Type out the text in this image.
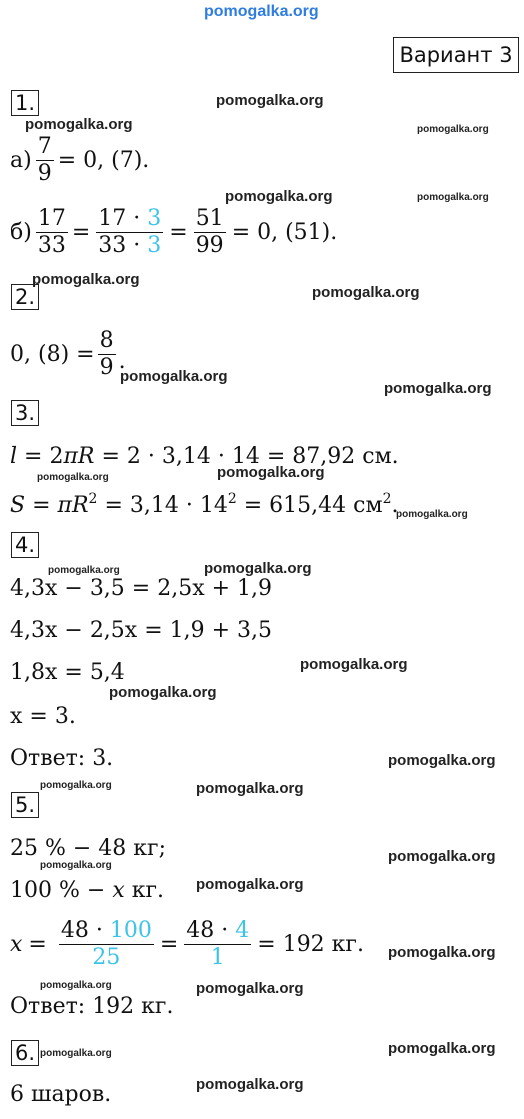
pomogalka.org
pomogalka.org
pomogalka.org	pomogalka.org
pomogalka.org	pomogalka.org
pomogalka.org
pomogalka.org
pomogalka.org
pomogalka.org
pomogalka.org
pomogalka.org
pomogalka.org
pomogalka.org
pomogalka.org
pomogalka.org
pomogalka.org
pomogalka.org
pomogalka.org	pomogalka.org
pomogalka.org
pomogalka.org
pomogalka.org
pomogalka.org
pomogalka.org	pomogalka.org
pomogalka.org
pomogalka.org
pomogalka.org
Вариант 3
1.
$а) \frac{7}{9} = 0$, (7).
$б) \frac{17}{33} = \frac{17 \cdot 3}{33 \cdot 3} = \frac{51}{99} = 0$, (51).
2.
0, $(8) = \frac{8}{9}$ .
3.
l = 2πR = 2 · 3,14 · 14 = 87,92 см.
$S = \pi R^2 = 3,14 \cdot 14^2 = 615,44$ $см^2$.
4.
4,3x − 3,5 = 2,5x + 1,9
4,3x − 2,5x = 1,9 + 3,5
1,8x = 5,4
x = 3.
Ответ: 3.
5.
25 % − 48 кг;
100 % − x кг.
$x = \frac{48 \cdot 100}{25} = \frac{48 \cdot 4}{1} = 192$ кг.
Ответ: 192 кг.
6.
6 шаров.
